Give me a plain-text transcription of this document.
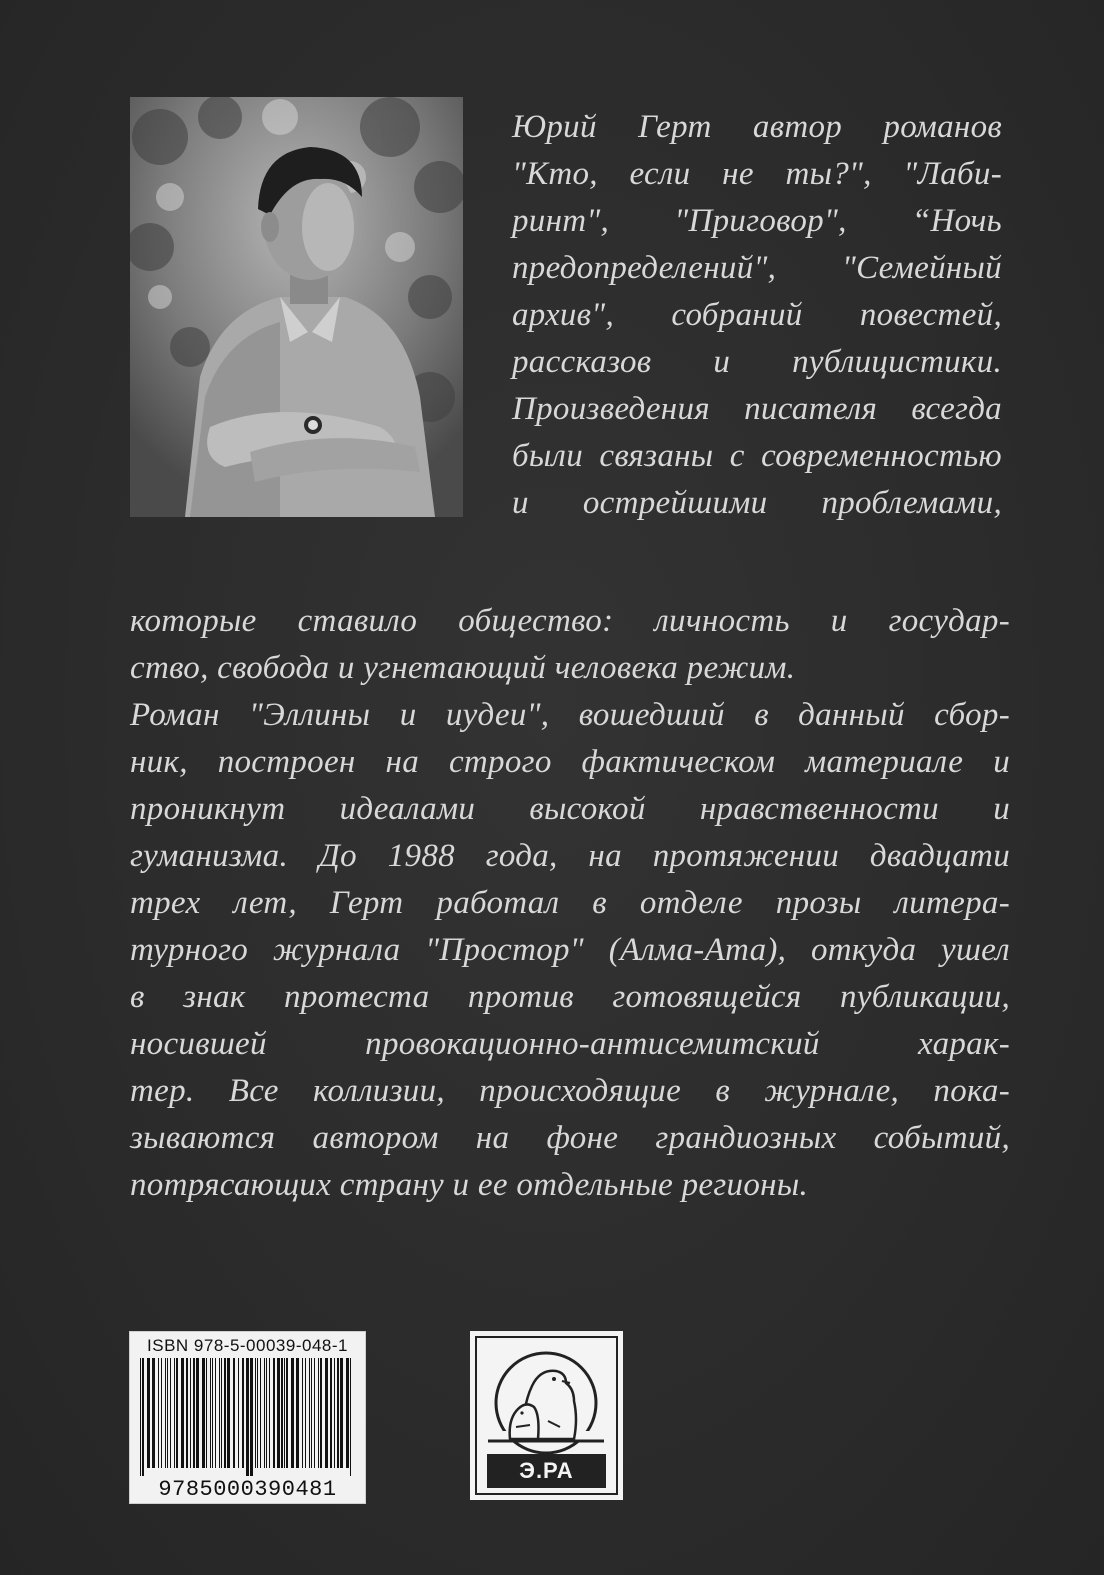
Юрий Герт автор романов
"Кто, если не ты?", "Лаби-
ринт", "Приговор", “Ночь
предопределений", "Семейный
архив", собраний повестей,
рассказов и публицистики.
Произведения писателя всегда
были связаны с современностью
и острейшими проблемами,
которые ставило общество: личность и государ-
ство, свобода и угнетающий человека режим.
Роман "Эллины и иудеи", вошедший в данный сбор-
ник, построен на строго фактическом материале и
проникнут идеалами высокой нравственности и
гуманизма. До 1988 года, на протяжении двадцати
трех лет, Герт работал в отделе прозы литера-
турного журнала "Простор" (Алма-Ата), откуда ушел
в знак протеста против готовящейся публикации,
носившей провокационно-антисемитский харак-
тер. Все коллизии, происходящие в журнале, пока-
зываются автором на фоне грандиозных событий,
потрясающих страну и ее отдельные регионы.
ISBN 978-5-00039-048-1
9785000390481
Э.РА
